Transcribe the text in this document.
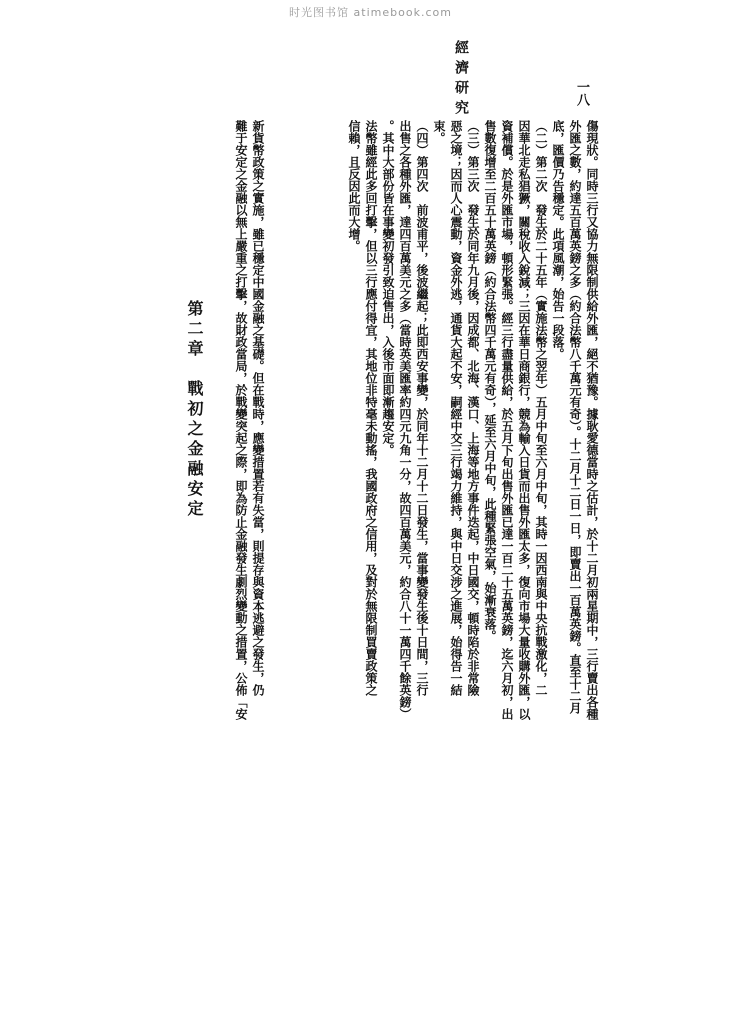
时光图书馆 atimebook.com
經濟研究	一八
傷現狀。同時三行又協力無限制供給外匯，絕不猶豫。據耿愛德當時之估計，於十二月初兩星期中，三行賣出各種
外匯之數，約達五百萬英鎊之多（約合法幣八千萬元有奇）。十二月十二日一日，即賣出一百萬英鎊。直至十二月
底，匯價乃告穩定。此項風潮，始告一段落。
（二）第二次　發生於二十五年（實施法幣之翌年）五月中旬至六月中旬，其時一因西南與中央抗戰激化，二
因華北走私猖獗，關稅收入銳減；三因在華日商銀行，競為輸入日貨而出售外匯太多，復向市場大量收購外匯，以
資補償。於是外匯市場，頓形緊張。經三行盡量供給，於五月下旬出售外匯已達一百二十五萬英鎊，迄六月初，出
售數復增至二百五十萬英鎊（約合法幣四千萬元有奇），延至六月中旬，此種緊張空氣，始漸衰落。
（三）第三次　發生於同年九月後，因成都、北海、漢口、上海等地方事件迭起，中日國交，頓時陷於非常險
惡之境；因而人心震動，資金外逃，通貨大起不安，嗣經中交三行竭力維持，與中日交涉之進展，始得告一結
束。
（四）第四次　前波甫平，後波繼起；此即西安事變，於同年十二月十二日發生，當事變發生後十日間，三行
出售之各種外匯，達四百萬美元之多（當時英美匯率約四元九角一分，故四百萬美元，約合八十一萬四千餘英鎊）
。其中大部份皆在事變初發引致迫售出，入後市面即漸趨安定。
法幣雖經此多回打擊，但以三行應付得宜，其地位非特毫未動搖，我國政府之信用，及對於無限制買賣政策之
信賴，且反因此而大增。
新貨幣政策之實施，雖已穩定中國金融之基礎。但在戰時，應變措置若有失當，則提存與資本逃避之發生，仍
難于安定之金融以無上嚴重之打擊，故財政當局，於戰變突起之際，即為防止金融發生劇烈變動之措置，公佈「安
第二章　戰初之金融安定
